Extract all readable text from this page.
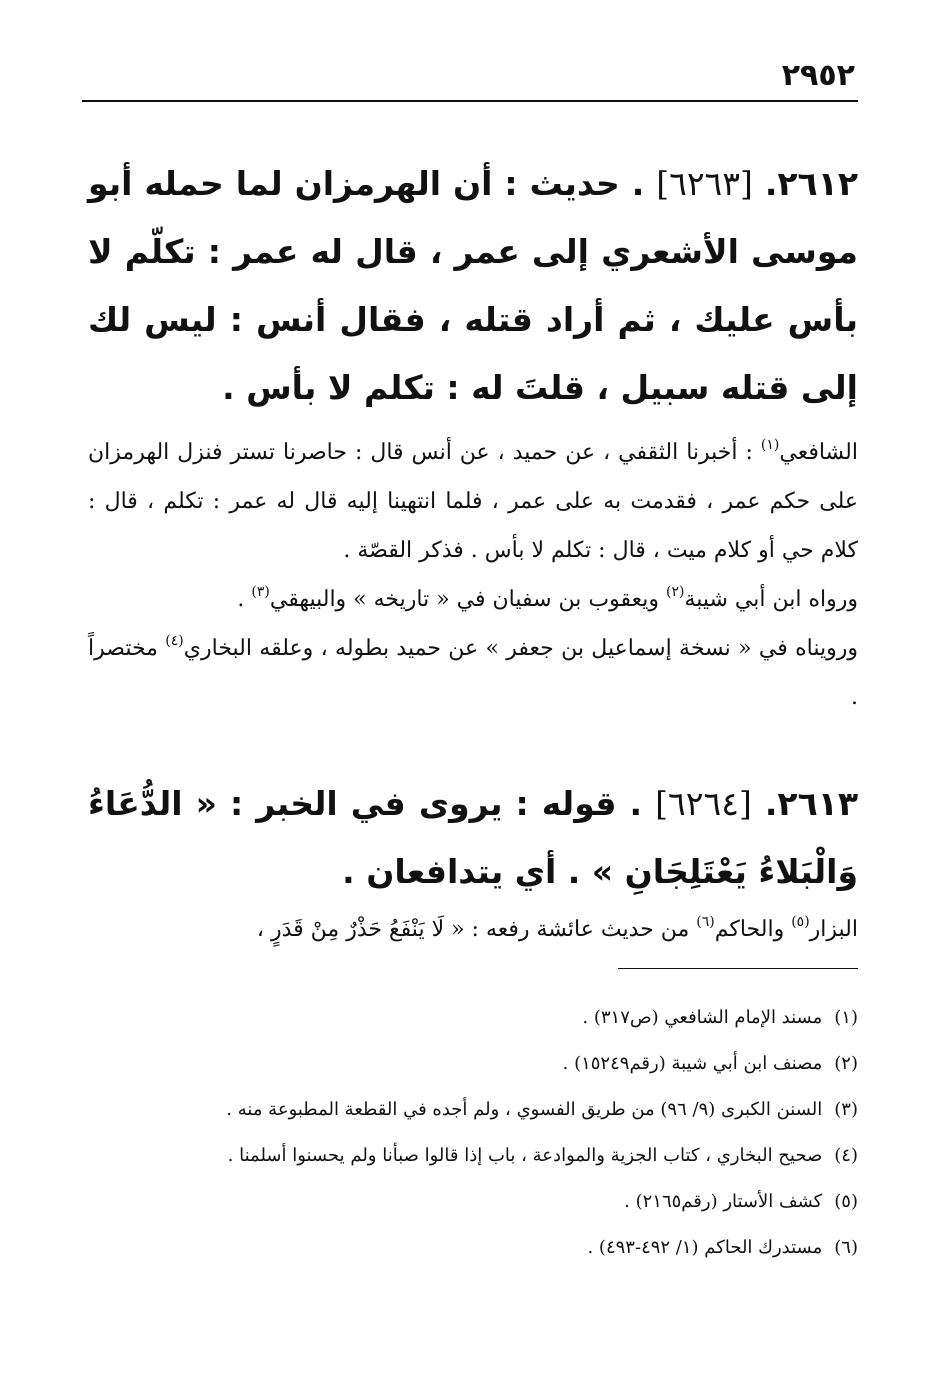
٢٩٥٢
٢٦١٢. [٦٢٦٣] . حديث : أن الهرمزان لما حمله أبو موسى الأشعري إلى عمر ، قال له عمر : تكلّم لا بأس عليك ، ثم أراد قتله ، فقال أنس : ليس لك إلى قتله سبيل ، قلتَ له : تكلم لا بأس .

الشافعي$^{(١)}$ : أخبرنا الثقفي ، عن حميد ، عن أنس قال : حاصرنا تستر فنزل الهرمزان على حكم عمر ، فقدمت به على عمر ، فلما انتهينا إليه قال له عمر : تكلم ، قال : كلام حي أو كلام ميت ، قال : تكلم لا بأس . فذكر القصّة .

ورواه ابن أبي شيبة$^{(٢)}$ ويعقوب بن سفيان في « تاريخه » والبيهقي$^{(٣)}$ .

ورويناه في « نسخة إسماعيل بن جعفر » عن حميد بطوله ، وعلقه البخاري$^{(٤)}$ مختصراً .

٢٦١٣. [٦٢٦٤] . قوله : يروى في الخبر : « الدُّعَاءُ وَالْبَلاءُ يَعْتَلِجَانِ » . أي يتدافعان .

البزار$^{(٥)}$ والحاكم$^{(٦)}$ من حديث عائشة رفعه : « لَا يَنْفَعُ حَذْرٌ مِنْ قَدَرٍ ،

(١)مسند الإمام الشافعي (ص٣١٧) .
(٢)مصنف ابن أبي شيبة (رقم١٥٢٤٩) .
(٣)السنن الكبرى (٩/ ٩٦) من طريق الفسوي ، ولم أجده في القطعة المطبوعة منه .
(٤)صحيح البخاري ، كتاب الجزية والموادعة ، باب إذا قالوا صبأنا ولم يحسنوا أسلمنا .
(٥)كشف الأستار (رقم٢١٦٥) .
(٦)مستدرك الحاكم (١/ ٤٩٢-٤٩٣) .
